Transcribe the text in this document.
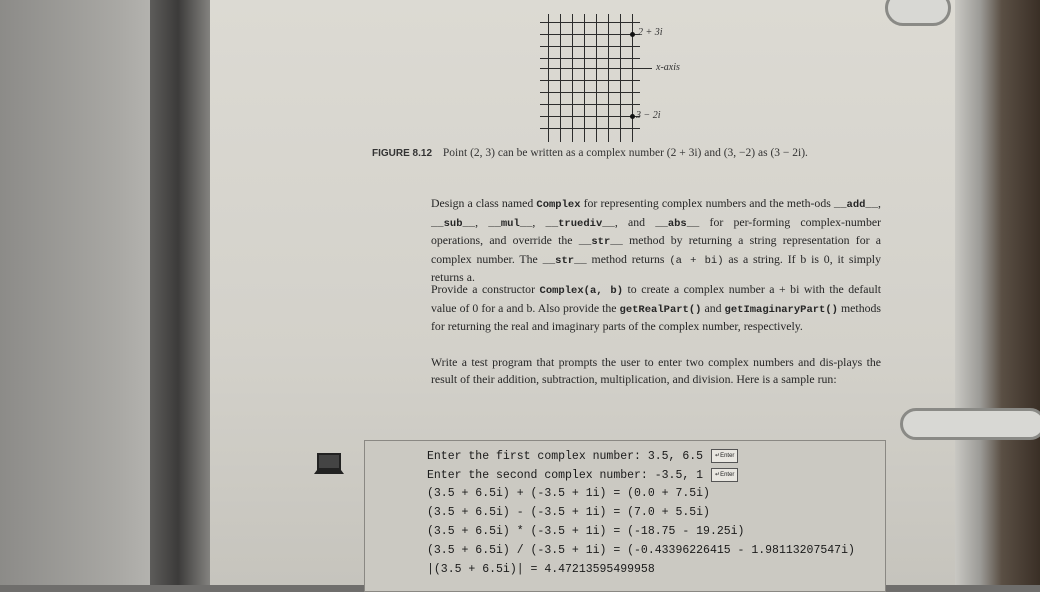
2 + 3i
x-axis
3 − 2i
FIGURE 8.12 Point (2, 3) can be written as a complex number (2 + 3i) and (3, −2) as (3 − 2i).
Design a class named Complex for representing complex numbers and the meth-ods __add__, __sub__, __mul__, __truediv__, and __abs__ for per-forming complex-number operations, and override the __str__ method by returning a string representation for a complex number. The __str__ method returns (a + bi) as a string. If b is 0, it simply returns a.
Provide a constructor Complex(a, b) to create a complex number a + bi with the default value of 0 for a and b. Also provide the getRealPart() and getImaginaryPart() methods for returning the real and imaginary parts of the complex number, respectively.
Write a test program that prompts the user to enter two complex numbers and dis-plays the result of their addition, subtraction, multiplication, and division. Here is a sample run:
Enter the first complex number: 3.5, 6.5 ↵Enter
Enter the second complex number: -3.5, 1 ↵Enter
(3.5 + 6.5i) + (-3.5 + 1i) = (0.0 + 7.5i)
(3.5 + 6.5i) - (-3.5 + 1i) = (7.0 + 5.5i)
(3.5 + 6.5i) * (-3.5 + 1i) = (-18.75 - 19.25i)
(3.5 + 6.5i) / (-3.5 + 1i) = (-0.43396226415 - 1.98113207547i)
|(3.5 + 6.5i)| = 4.47213595499958
